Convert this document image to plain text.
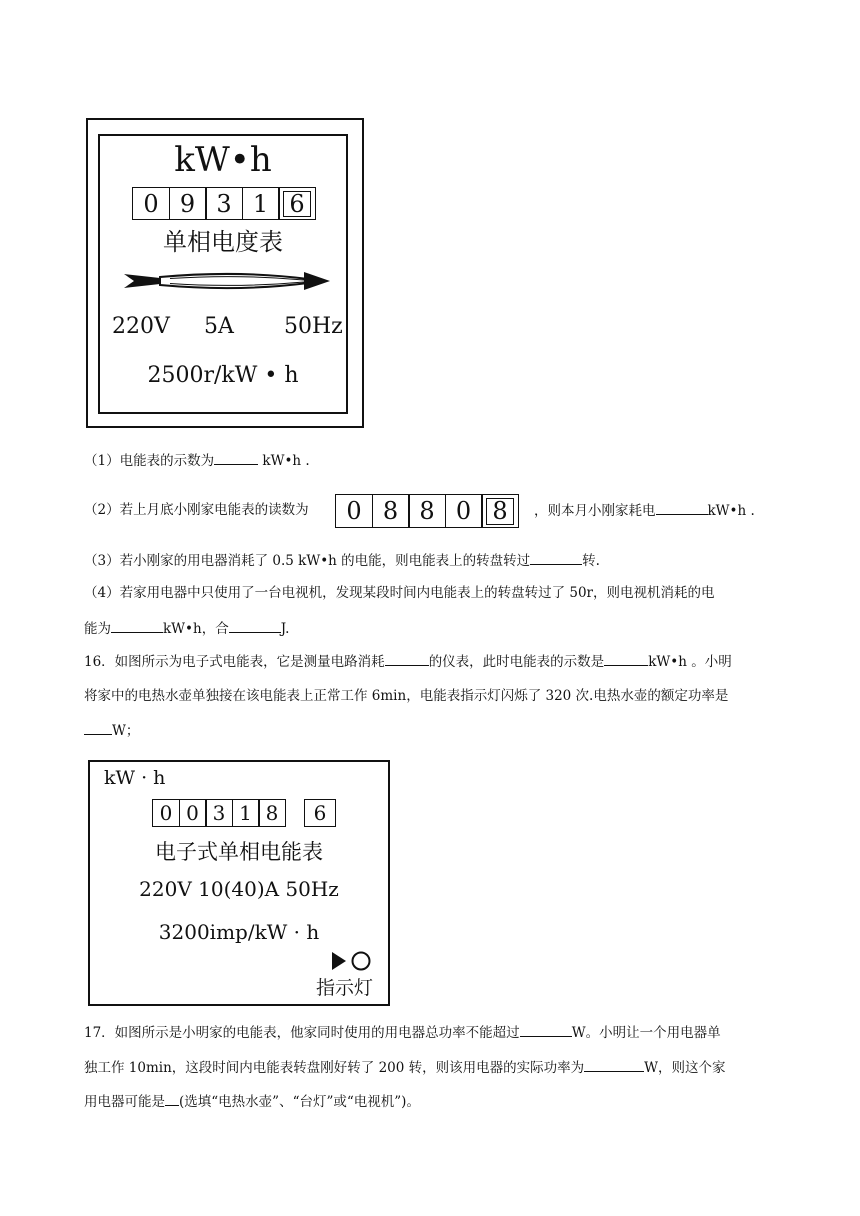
kW•h
0 9 3 1 6
单相电度表
220V 5A 50Hz
2500r/kW • h
（1）电能表的示数为	kW•h .
（2）若上月底小刚家电能表的读数为	0 8 8 0 8	，则本月小刚家耗电	kW•h .
（3）若小刚家的用电器消耗了 0.5 kW•h 的电能，则电能表上的转盘转过	转.
（4）若家用电器中只使用了一台电视机，发现某段时间内电能表上的转盘转过了 50r，则电视机消耗的电
能为	kW•h，合	J.
16．如图所示为电子式电能表，它是测量电路消耗	的仪表，此时电能表的示数是	kW•h 。小明
将家中的电热水壶单独接在该电能表上正常工作 6min，电能表指示灯闪烁了 320 次.电热水壶的额定功率是
W；
kW · h
0 0 3 1 8	6
电子式单相电能表
220V 10(40)A 50Hz
3200imp/kW · h
指示灯
17．如图所示是小明家的电能表，他家同时使用的用电器总功率不能超过	W。小明让一个用电器单
独工作 10min，这段时间内电能表转盘刚好转了 200 转，则该用电器的实际功率为	W，则这个家
用电器可能是 (选填“电热水壶”、“台灯”或“电视机”)。
